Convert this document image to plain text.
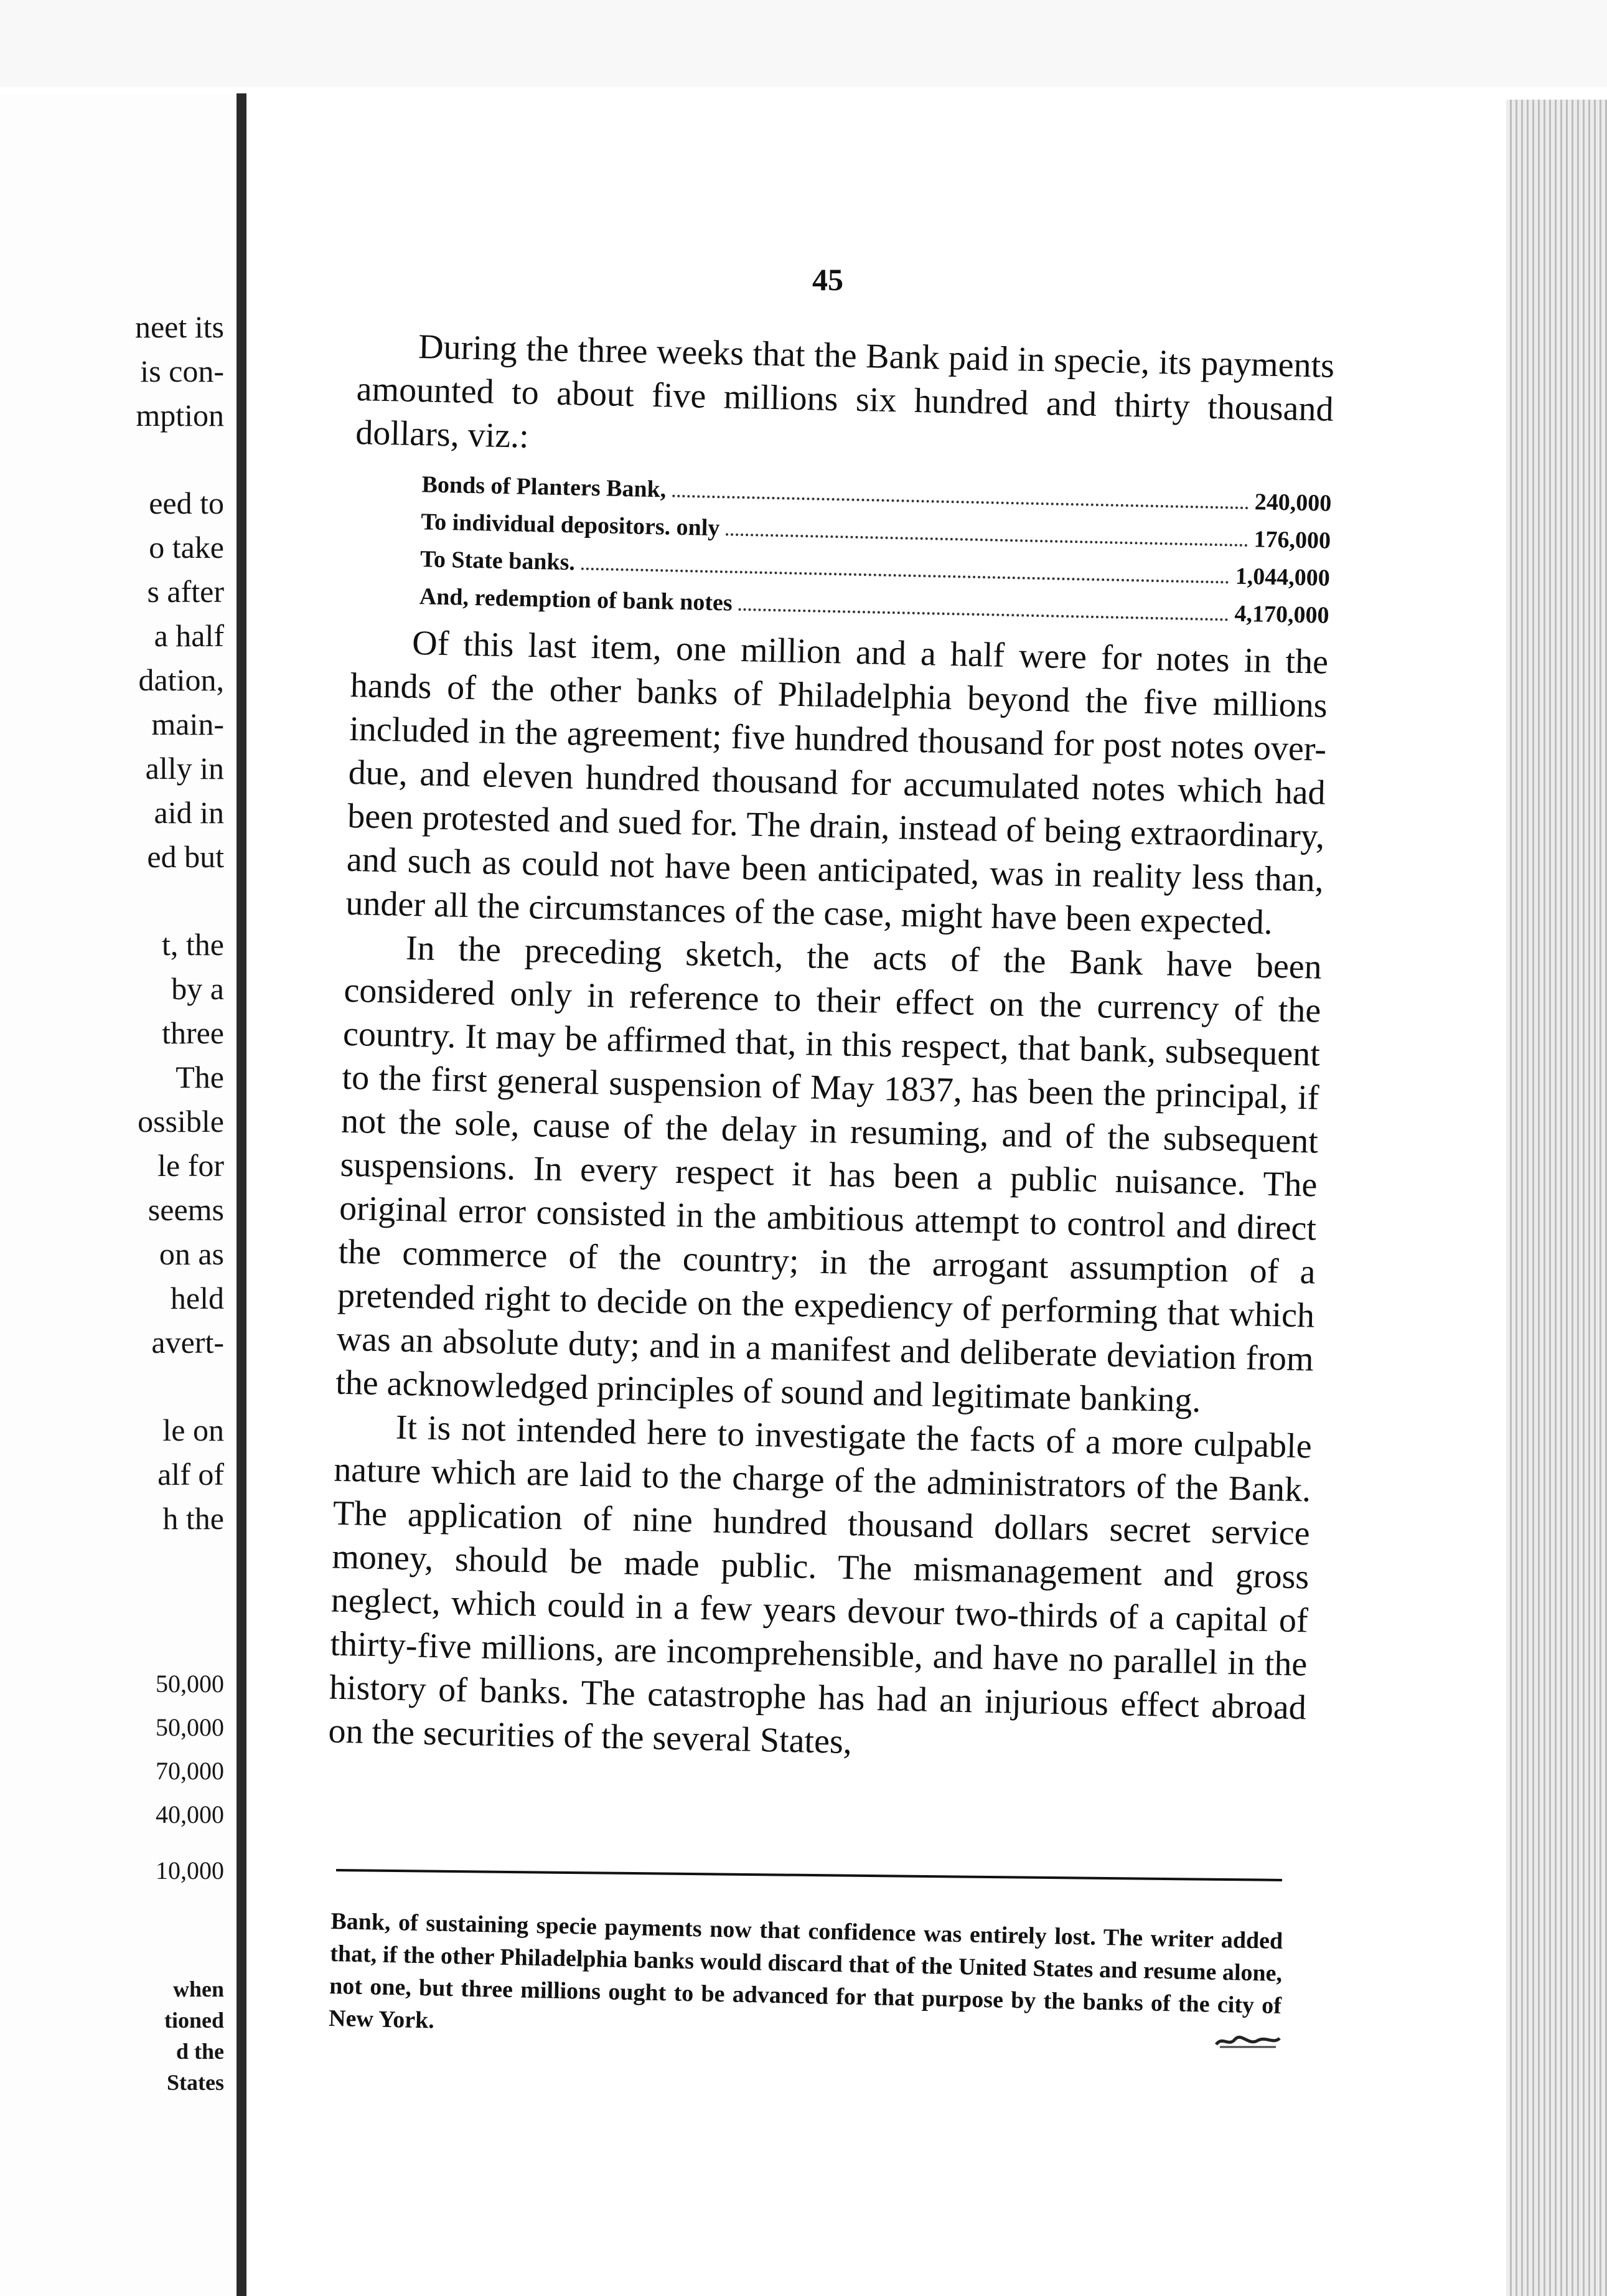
neet its
is con-
mption
eed to
o take
s after
a half
dation,
main-
ally in
aid in
ed but
t, the
by a
three
The
ossible
le for
seems
on as
held
avert-
le on
alf of
h the
50,000
50,000
70,000
40,000
10,000
when
tioned
d the
States
45

During the three weeks that the Bank paid in specie, its payments amounted to about five millions six hundred and thirty thousand dollars, viz.:

Bonds of Planters Bank,
240,000
To individual depositors. only	176,000
To State banks.
1,044,000
And, redemption of bank notes	4,170,000

Of this last item, one million and a half were for notes in the hands of the other banks of Philadelphia beyond the five millions included in the agreement; five hundred thousand for post notes over-due, and eleven hundred thousand for accumulated notes which had been protested and sued for. The drain, instead of being extraordinary, and such as could not have been anticipated, was in reality less than, under all the circumstances of the case, might have been expected.

In the preceding sketch, the acts of the Bank have been considered only in reference to their effect on the currency of the country. It may be affirmed that, in this respect, that bank, subsequent to the first general suspension of May 1837, has been the principal, if not the sole, cause of the delay in resuming, and of the subsequent suspensions. In every respect it has been a public nuisance. The original error consisted in the ambitious attempt to control and direct the commerce of the country; in the arrogant assumption of a pretended right to decide on the expediency of performing that which was an absolute duty; and in a manifest and deliberate deviation from the acknowledged principles of sound and legitimate banking.

It is not intended here to investigate the facts of a more culpable nature which are laid to the charge of the administrators of the Bank. The application of nine hundred thousand dollars secret service money, should be made public. The mismanagement and gross neglect, which could in a few years devour two-thirds of a capital of thirty-five millions, are incomprehensible, and have no parallel in the history of banks. The catastrophe has had an injurious effect abroad on the securities of the several States,

Bank, of sustaining specie payments now that confidence was entirely lost. The writer added that, if the other Philadelphia banks would discard that of the United States and resume alone, not one, but three millions ought to be advanced for that purpose by the banks of the city of New York.
